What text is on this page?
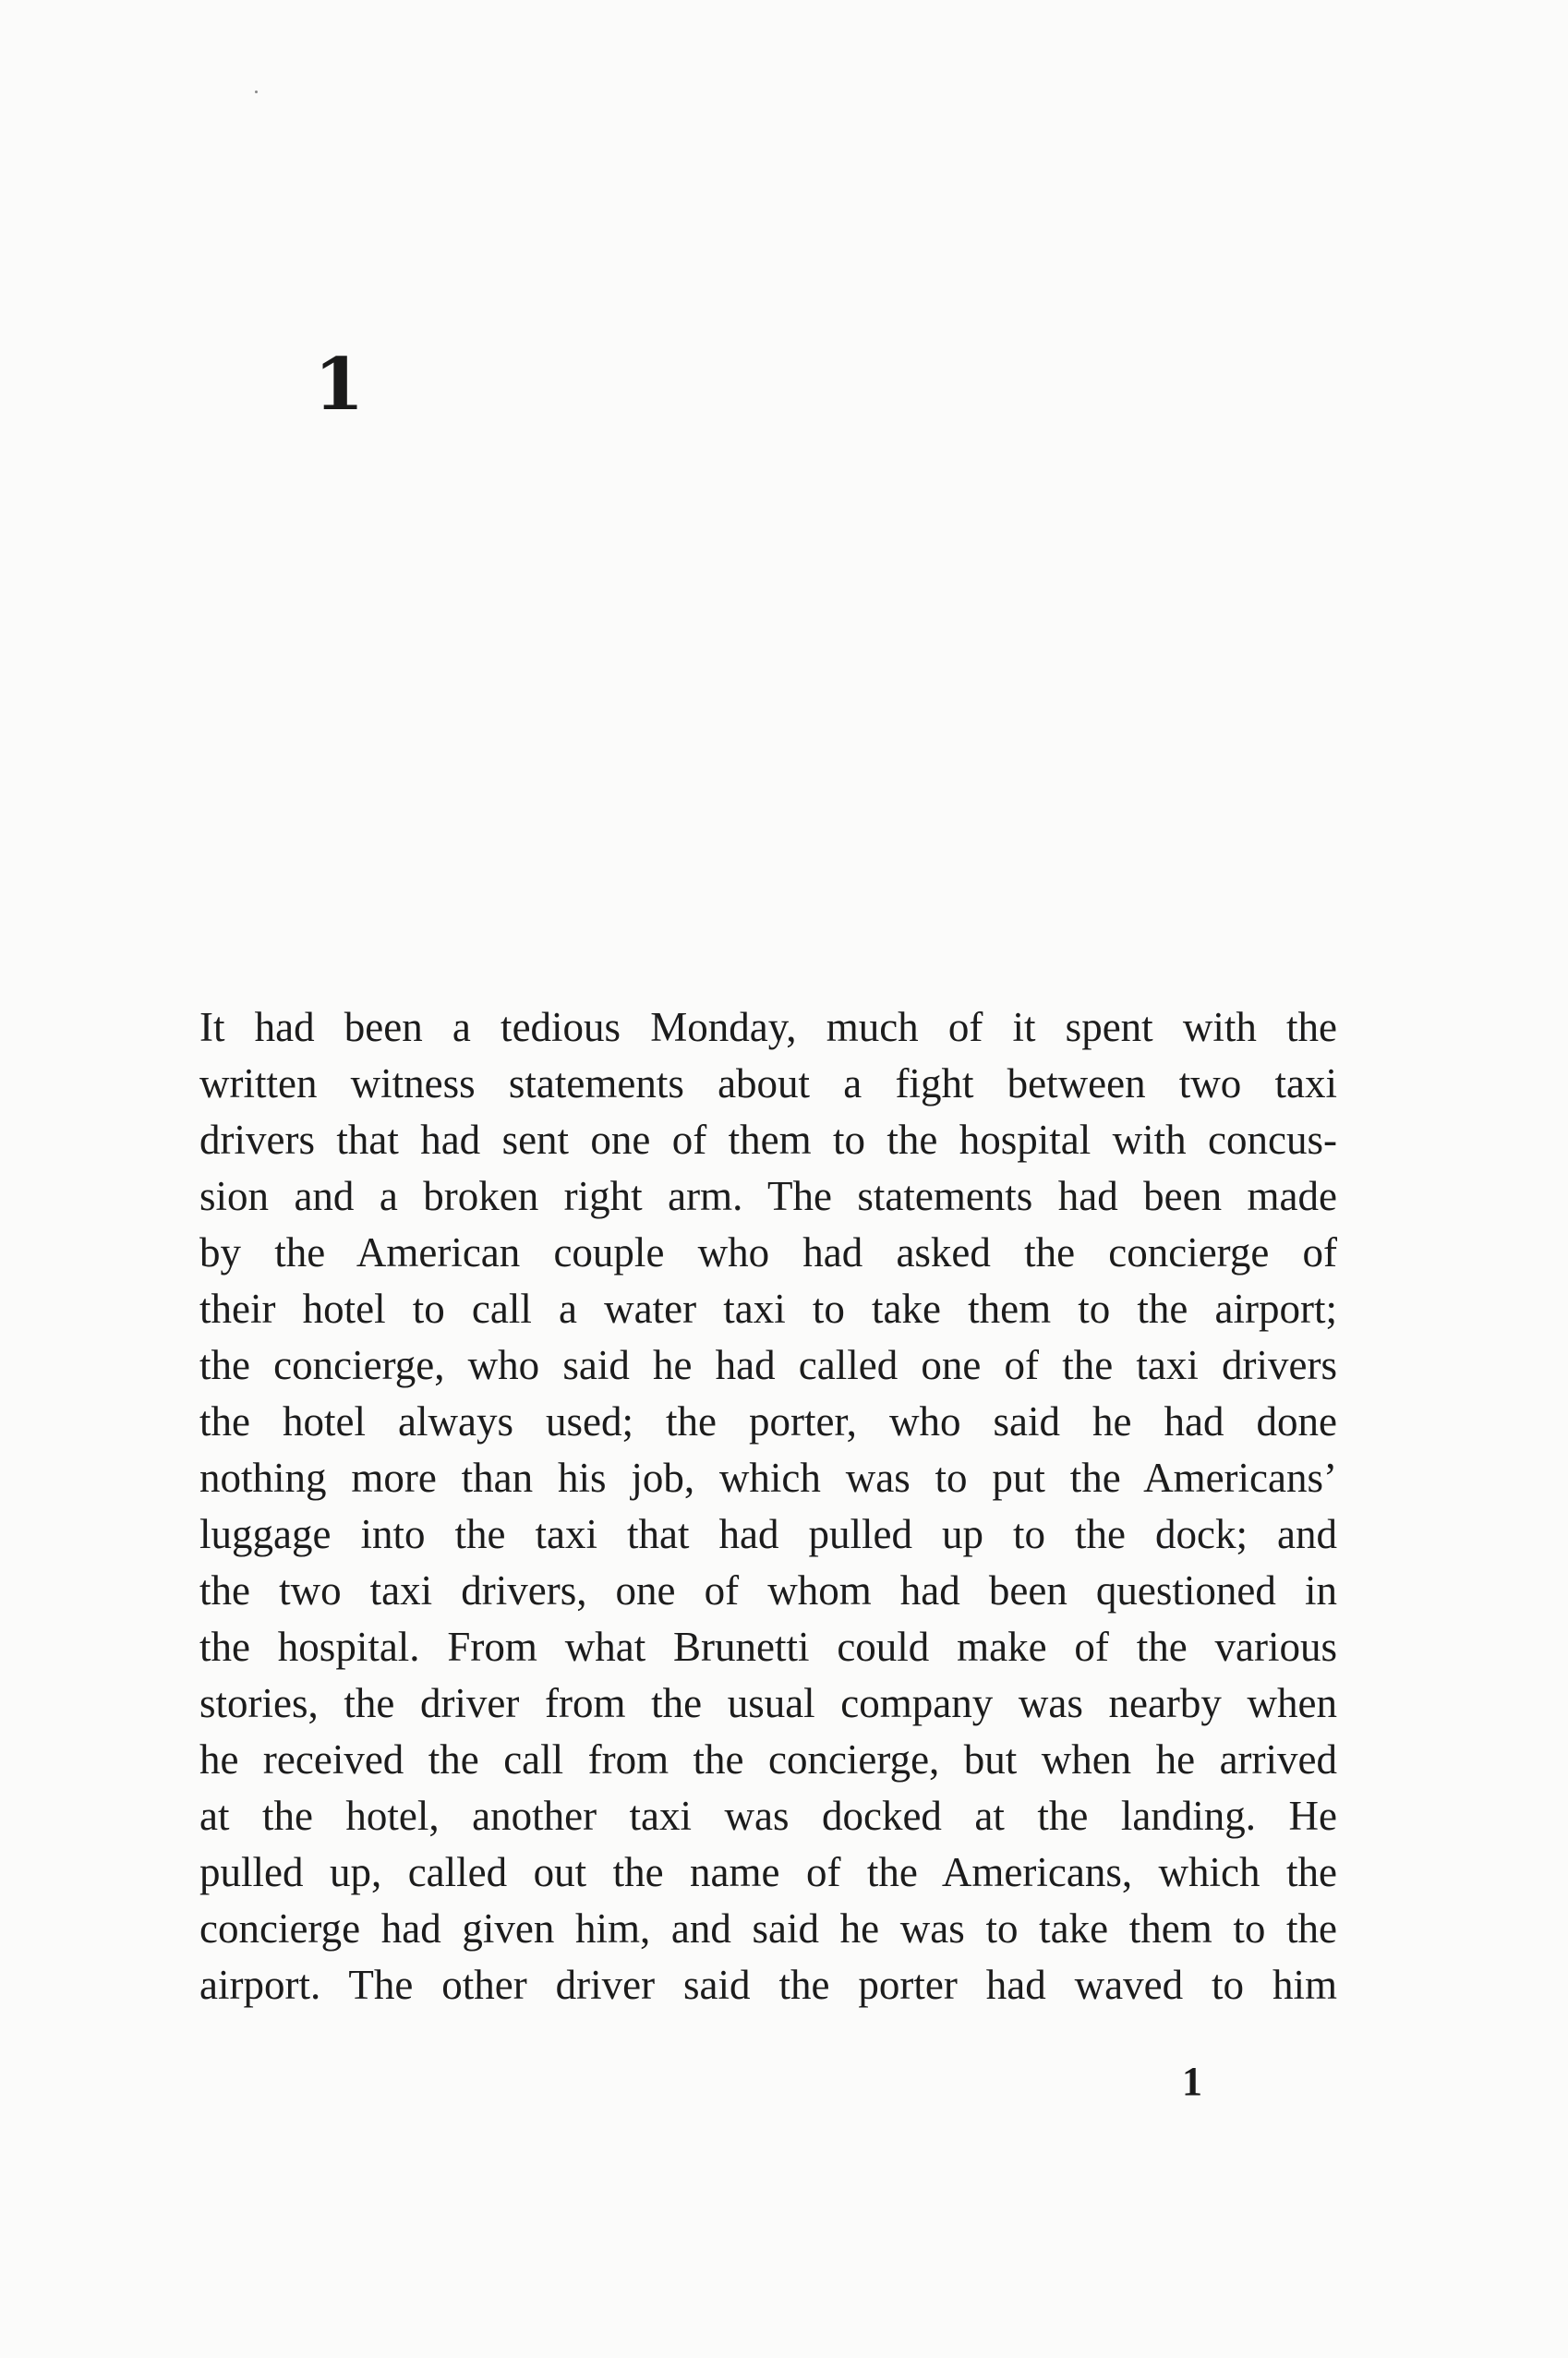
1
It had been a tedious Monday, much of it spent with the
written witness statements about a fight between two taxi
drivers that had sent one of them to the hospital with concus-
sion and a broken right arm. The statements had been made
by the American couple who had asked the concierge of
their hotel to call a water taxi to take them to the airport;
the concierge, who said he had called one of the taxi drivers
the hotel always used; the porter, who said he had done
nothing more than his job, which was to put the Americans’
luggage into the taxi that had pulled up to the dock; and
the two taxi drivers, one of whom had been questioned in
the hospital. From what Brunetti could make of the various
stories, the driver from the usual company was nearby when
he received the call from the concierge, but when he arrived
at the hotel, another taxi was docked at the landing. He
pulled up, called out the name of the Americans, which the
concierge had given him, and said he was to take them to the
airport. The other driver said the porter had waved to him
1
